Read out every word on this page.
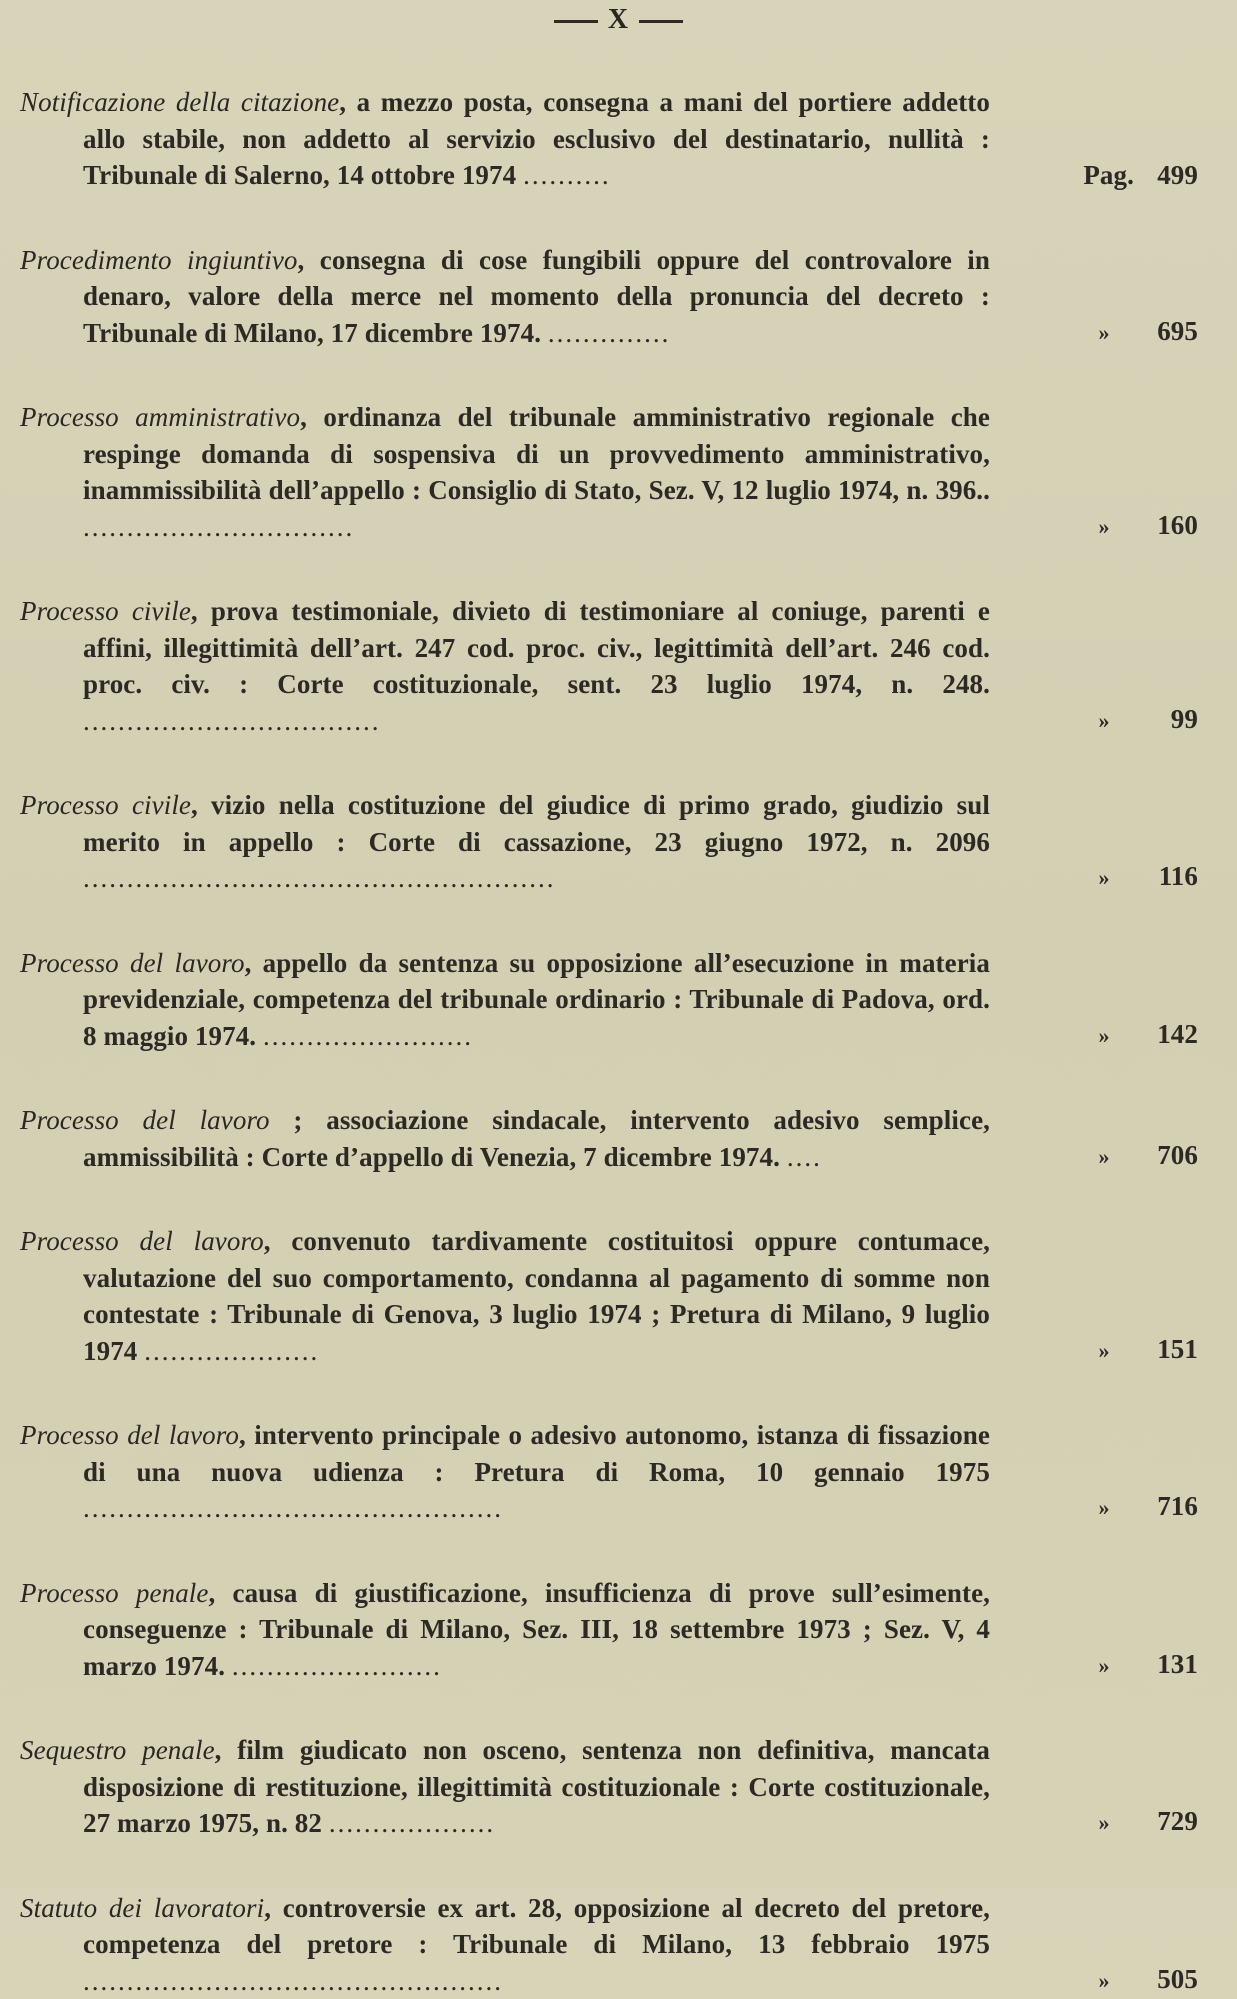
X
Notificazione della citazione, a mezzo posta, consegna a mani del portiere addetto allo stabile, non addetto al servizio esclusivo del destinatario, nullità : Tribunale di Salerno, 14 ottobre 1974 ..........	Pag. 499
Procedimento ingiuntivo, consegna di cose fungibili oppure del controvalore in denaro, valore della merce nel momento della pronuncia del decreto : Tribunale di Milano, 17 dicembre 1974. ..............	» 695
Processo amministrativo, ordinanza del tribunale amministrativo regionale che respinge domanda di sospensiva di un provvedimento amministrativo, inammissibilità dell’appello : Consiglio di Stato, Sez. V, 12 luglio 1974, n. 396.. ...............................	» 160
Processo civile, prova testimoniale, divieto di testimoniare al coniuge, parenti e affini, illegittimità dell’art. 247 cod. proc. civ., legittimità dell’art. 246 cod. proc. civ. : Corte costituzionale, sent. 23 luglio 1974, n. 248. ..................................	» 99
Processo civile, vizio nella costituzione del giudice di primo grado, giudizio sul merito in appello : Corte di cassazione, 23 giugno 1972, n. 2096 ......................................................	» 116
Processo del lavoro, appello da sentenza su opposizione all’esecuzione in materia previdenziale, competenza del tribunale ordinario : Tribunale di Padova, ord. 8 maggio 1974. ........................	» 142
Processo del lavoro ; associazione sindacale, intervento adesivo semplice, ammissibilità : Corte d’appello di Venezia, 7 dicembre 1974. ....	» 706
Processo del lavoro, convenuto tardivamente costituitosi oppure contumace, valutazione del suo comportamento, condanna al pagamento di somme non contestate : Tribunale di Genova, 3 luglio 1974 ; Pretura di Milano, 9 luglio 1974 ....................	» 151
Processo del lavoro, intervento principale o adesivo autonomo, istanza di fissazione di una nuova udienza : Pretura di Roma, 10 gennaio 1975 ................................................	» 716
Processo penale, causa di giustificazione, insufficienza di prove sull’esimente, conseguenze : Tribunale di Milano, Sez. III, 18 settembre 1973 ; Sez. V, 4 marzo 1974. ........................	» 131
Sequestro penale, film giudicato non osceno, sentenza non definitiva, mancata disposizione di restituzione, illegittimità costituzionale : Corte costituzionale, 27 marzo 1975, n. 82 ...................	» 729
Statuto dei lavoratori, controversie ex art. 28, opposizione al decreto del pretore, competenza del pretore : Tribunale di Milano, 13 febbraio 1975 ................................................	» 505
